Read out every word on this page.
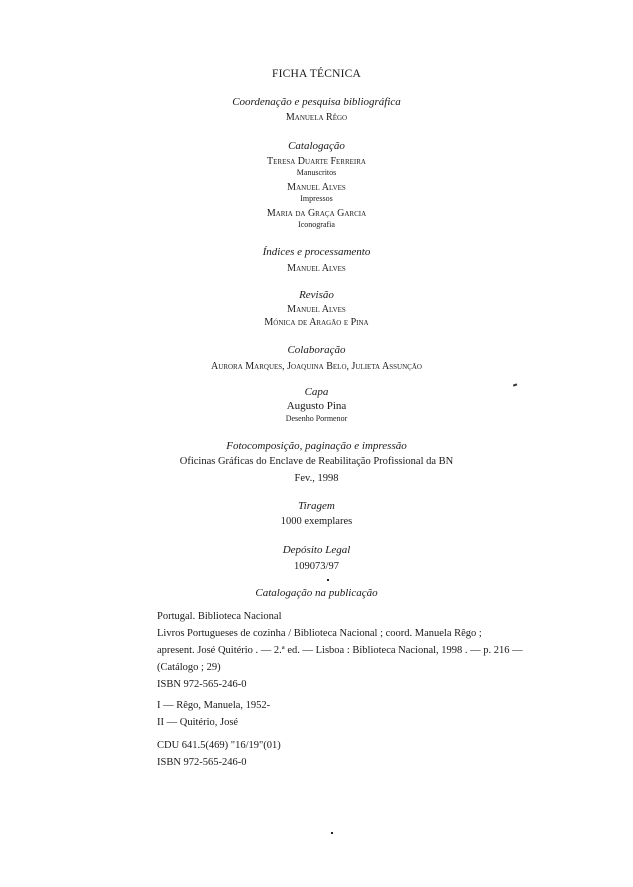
FICHA TÉCNICA
Coordenação e pesquisa bibliográfica
Manuela Rêgo
Catalogação
Teresa Duarte Ferreira
Manuscritos
Manuel Alves
Impressos
Maria da Graça Garcia
Iconografia
Índices e processamento
Manuel Alves
Revisão
Manuel Alves
Mónica de Aragão e Pina
Colaboração
Aurora Marques, Joaquina Belo, Julieta Assunção
Capa
Augusto Pina
Desenho Pormenor
Fotocomposição, paginação e impressão
Oficinas Gráficas do Enclave de Reabilitação Profissional da BN
Fev., 1998
Tiragem
1000 exemplares
Depósito Legal
109073/97
Catalogação na publicação
Portugal. Biblioteca Nacional
Livros Portugueses de cozinha / Biblioteca Nacional ; coord. Manuela Rêgo ;
apresent. José Quitério . — 2.ª ed. — Lisboa : Biblioteca Nacional, 1998 . — p. 216 —
(Catálogo ; 29)
ISBN 972-565-246-0
I — Rêgo, Manuela, 1952-
II — Quitério, José
CDU 641.5(469) "16/19"(01)
ISBN 972-565-246-0
